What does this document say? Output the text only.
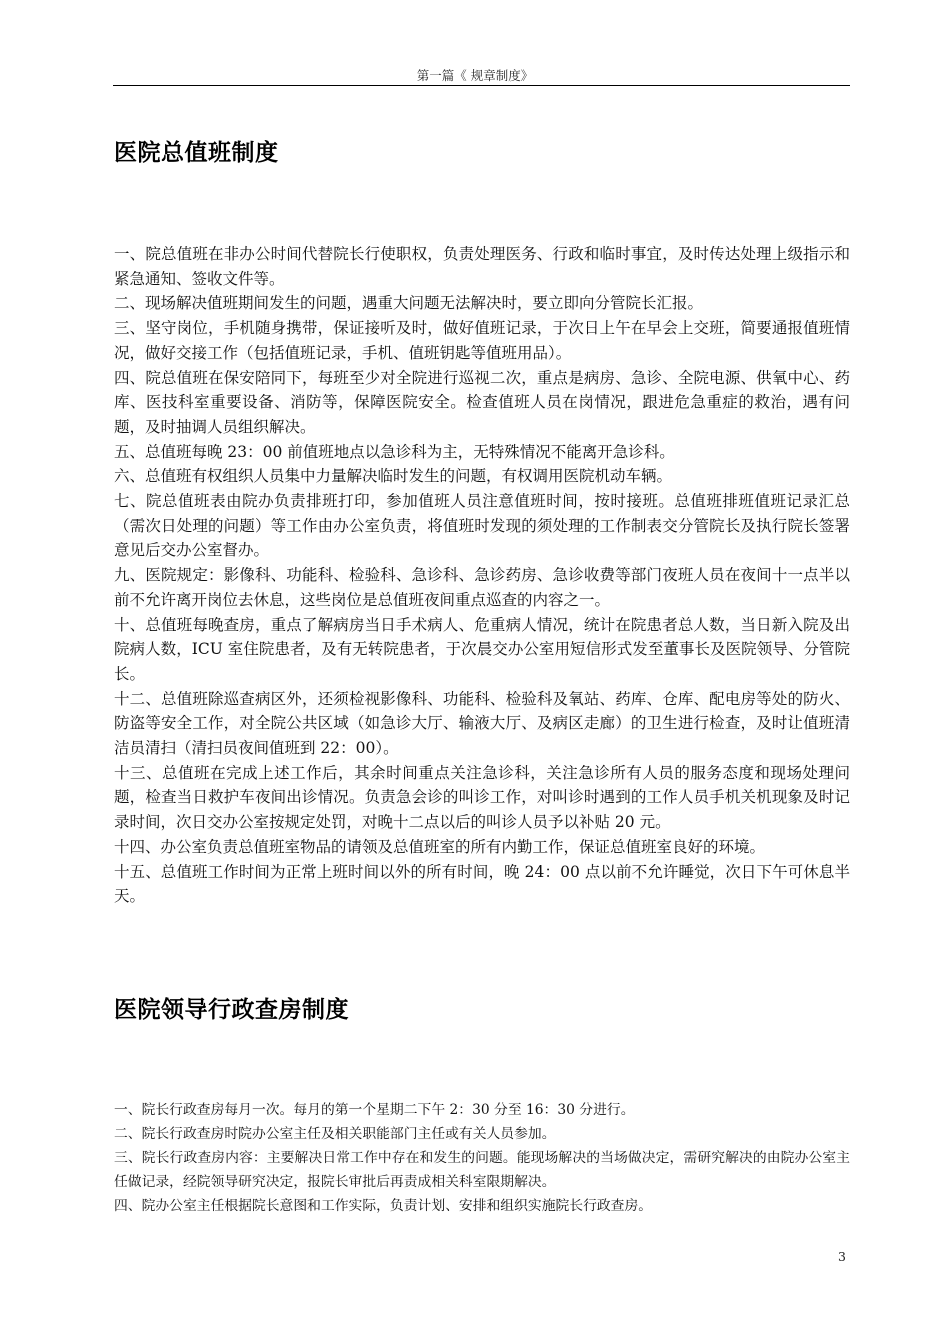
第一篇《 规章制度》
医院总值班制度

一、院总值班在非办公时间代替院长行使职权，负责处理医务、行政和临时事宜，及时传达处理上级指示和紧急通知、签收文件等。

二、现场解决值班期间发生的问题，遇重大问题无法解决时，要立即向分管院长汇报。

三、坚守岗位，手机随身携带，保证接听及时，做好值班记录，于次日上午在早会上交班，简要通报值班情况，做好交接工作（包括值班记录，手机、值班钥匙等值班用品）。

四、院总值班在保安陪同下，每班至少对全院进行巡视二次，重点是病房、急诊、全院电源、供氧中心、药库、医技科室重要设备、消防等，保障医院安全。检查值班人员在岗情况，跟进危急重症的救治，遇有问题，及时抽调人员组织解决。

五、总值班每晚 23：00 前值班地点以急诊科为主，无特殊情况不能离开急诊科。

六、总值班有权组织人员集中力量解决临时发生的问题，有权调用医院机动车辆。

七、院总值班表由院办负责排班打印，参加值班人员注意值班时间，按时接班。总值班排班值班记录汇总（需次日处理的问题）等工作由办公室负责，将值班时发现的须处理的工作制表交分管院长及执行院长签署意见后交办公室督办。

九、医院规定：影像科、功能科、检验科、急诊科、急诊药房、急诊收费等部门夜班人员在夜间十一点半以前不允许离开岗位去休息，这些岗位是总值班夜间重点巡查的内容之一。

十、总值班每晚查房，重点了解病房当日手术病人、危重病人情况，统计在院患者总人数，当日新入院及出院病人数，ICU 室住院患者，及有无转院患者，于次晨交办公室用短信形式发至董事长及医院领导、分管院长。

十二、总值班除巡查病区外，还须检视影像科、功能科、检验科及氧站、药库、仓库、配电房等处的防火、防盗等安全工作，对全院公共区域（如急诊大厅、输液大厅、及病区走廊）的卫生进行检查，及时让值班清洁员清扫（清扫员夜间值班到 22：00）。

十三、总值班在完成上述工作后，其余时间重点关注急诊科，关注急诊所有人员的服务态度和现场处理问题，检查当日救护车夜间出诊情况。负责急会诊的叫诊工作，对叫诊时遇到的工作人员手机关机现象及时记录时间，次日交办公室按规定处罚，对晚十二点以后的叫诊人员予以补贴 20 元。

十四、办公室负责总值班室物品的请领及总值班室的所有内勤工作，保证总值班室良好的环境。

十五、总值班工作时间为正常上班时间以外的所有时间，晚 24：00 点以前不允许睡觉，次日下午可休息半天。

医院领导行政查房制度

一、院长行政查房每月一次。每月的第一个星期二下午 2：30 分至 16：30 分进行。

二、院长行政查房时院办公室主任及相关职能部门主任或有关人员参加。

三、院长行政查房内容：主要解决日常工作中存在和发生的问题。能现场解决的当场做决定，需研究解决的由院办公室主任做记录，经院领导研究决定，报院长审批后再责成相关科室限期解决。

四、院办公室主任根据院长意图和工作实际，负责计划、安排和组织实施院长行政查房。

3
